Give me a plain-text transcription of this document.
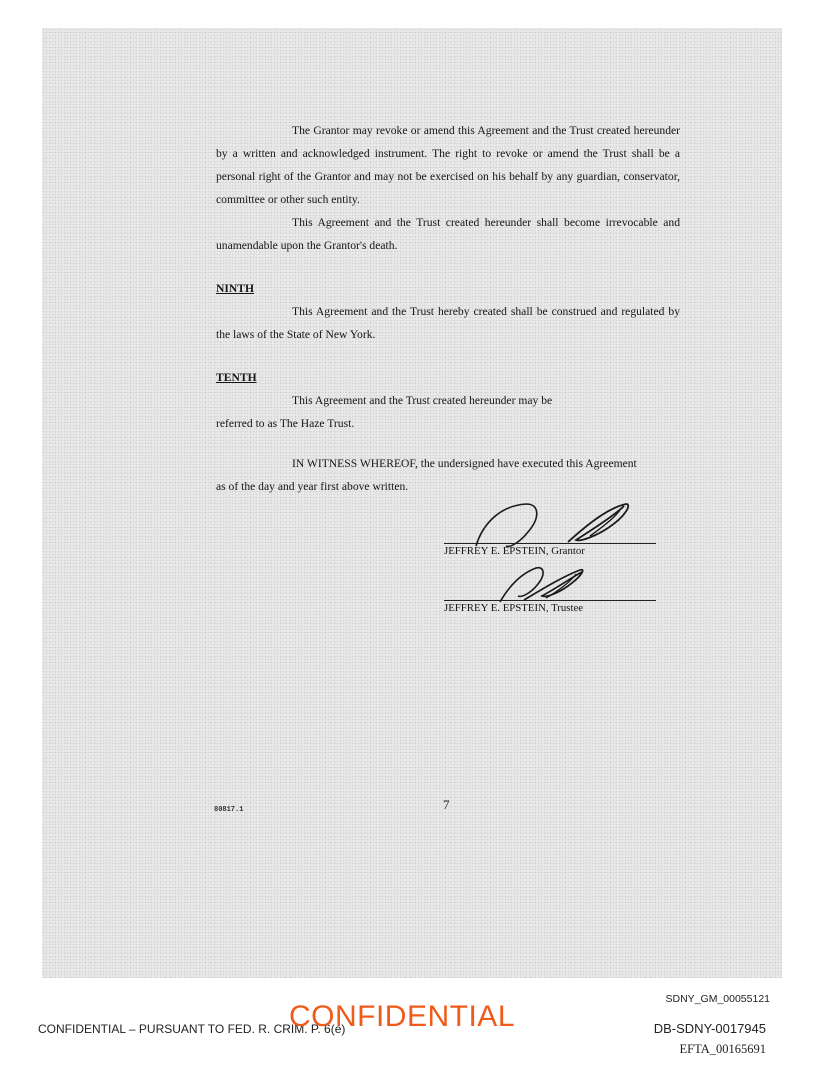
The Grantor may revoke or amend this Agreement and the Trust created hereunder by a written and acknowledged instrument. The right to revoke or amend the Trust shall be a personal right of the Grantor and may not be exercised on his behalf by any guardian, conservator, committee or other such entity.

This Agreement and the Trust created hereunder shall become irrevocable and unamendable upon the Grantor's death.

NINTH

This Agreement and the Trust hereby created shall be construed and regulated by the laws of the State of New York.

TENTH

This Agreement and the Trust created hereunder may be

referred to as The Haze Trust.

IN WITNESS WHEREOF, the undersigned have executed this Agreement

as of the day and year first above written.

JEFFREY E. EPSTEIN, Grantor
JEFFREY E. EPSTEIN, Trustee
80817.1	7
SDNY_GM_00055121
CONFIDENTIAL – PURSUANT TO FED. R. CRIM. P. 6(e)
CONFIDENTIAL	DB-SDNY-0017945
EFTA_00165691
